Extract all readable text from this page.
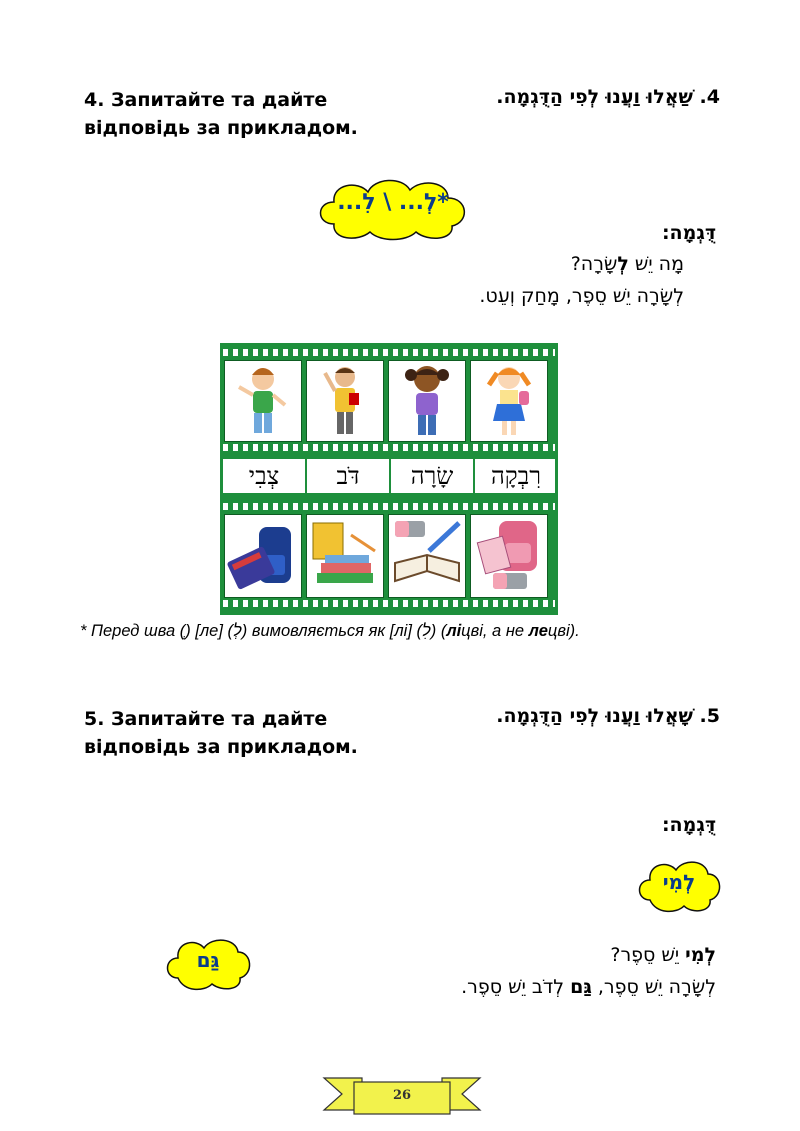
4. Запитайте та дайте відповідь за прикладом.
4. שַׁאֲלוּ וַעֲנוּ לְפִי הַדֻּגְמָה.
*לְ... \ לִ...
דֻּגְמָה:
מָה יֵשׁ לְשָׂרָה?
לְשָׂרָה יֵשׁ סֵפֶר, מָחַק וְעֵט.
צְבִי	דֹּב	שָׂרָה	רִבְקָה
* Перед шва (ְ) [ле] (לְ) вимовляється як [лі] (לִ) (ліцві, а не лецві).
5. Запитайте та дайте відповідь за прикладом.
5. שָׁאֲלוּ וַעֲנוּ לְפִי הַדֻּגְמָה.
דֻּגְמָה:
לְמִי
גַּם	לְמִי יֵשׁ סֵפֶר?
לְשָׂרָה יֵשׁ סֵפֶר, גַּם לְדֹב יֵשׁ סֵפֶר.
26
